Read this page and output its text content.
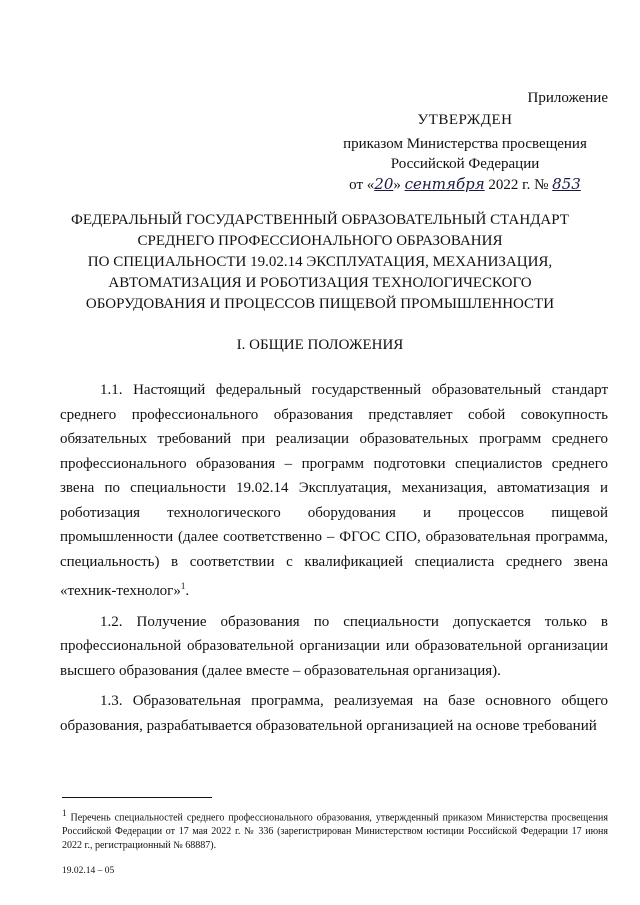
Приложение
УТВЕРЖДЕН
приказом Министерства просвещения
Российской Федерации
от «20» сентября 2022 г. № 853
ФЕДЕРАЛЬНЫЙ ГОСУДАРСТВЕННЫЙ ОБРАЗОВАТЕЛЬНЫЙ СТАНДАРТ
СРЕДНЕГО ПРОФЕССИОНАЛЬНОГО ОБРАЗОВАНИЯ
ПО СПЕЦИАЛЬНОСТИ 19.02.14 ЭКСПЛУАТАЦИЯ, МЕХАНИЗАЦИЯ,
АВТОМАТИЗАЦИЯ И РОБОТИЗАЦИЯ ТЕХНОЛОГИЧЕСКОГО
ОБОРУДОВАНИЯ И ПРОЦЕССОВ ПИЩЕВОЙ ПРОМЫШЛЕННОСТИ
I. ОБЩИЕ ПОЛОЖЕНИЯ

1.1. Настоящий федеральный государственный образовательный стандарт среднего профессионального образования представляет собой совокупность обязательных требований при реализации образовательных программ среднего профессионального образования – программ подготовки специалистов среднего звена по специальности 19.02.14 Эксплуатация, механизация, автоматизация и роботизация технологического оборудования и процессов пищевой промышленности (далее соответственно – ФГОС СПО, образовательная программа, специальность) в соответствии с квалификацией специалиста среднего звена «техник-технолог»$^1$.

1.2. Получение образования по специальности допускается только в профессиональной образовательной организации или образовательной организации высшего образования (далее вместе – образовательная организация).

1.3. Образовательная программа, реализуемая на базе основного общего образования, разрабатывается образовательной организацией на основе требований

$^1$ Перечень специальностей среднего профессионального образования, утвержденный приказом Министерства просвещения Российской Федерации от 17 мая 2022 г. № 336 (зарегистрирован Министерством юстиции Российской Федерации 17 июня 2022 г., регистрационный № 68887).
19.02.14 – 05
